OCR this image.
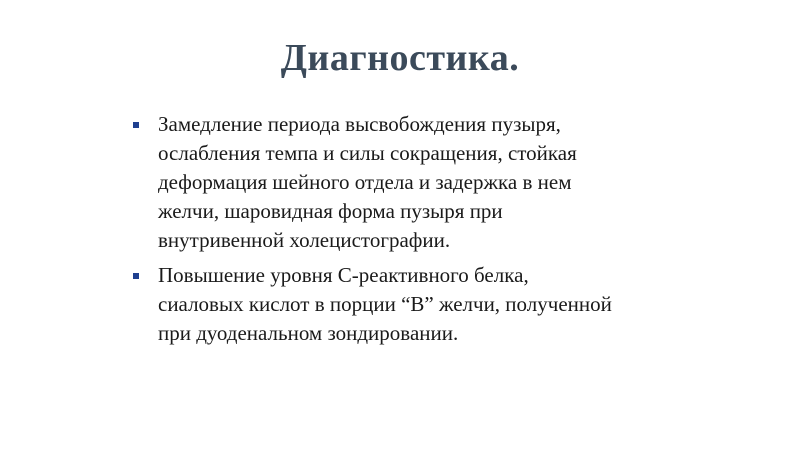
Диагностика.
Замедление периода высвобождения пузыря,
ослабления темпа и силы сокращения, стойкая
деформация шейного отдела и задержка в нем
желчи, шаровидная форма пузыря при
внутривенной холецистографии.
Повышение уровня С-реактивного белка,
сиаловых кислот в порции “В” желчи, полученной
при дуоденальном зондировании.
